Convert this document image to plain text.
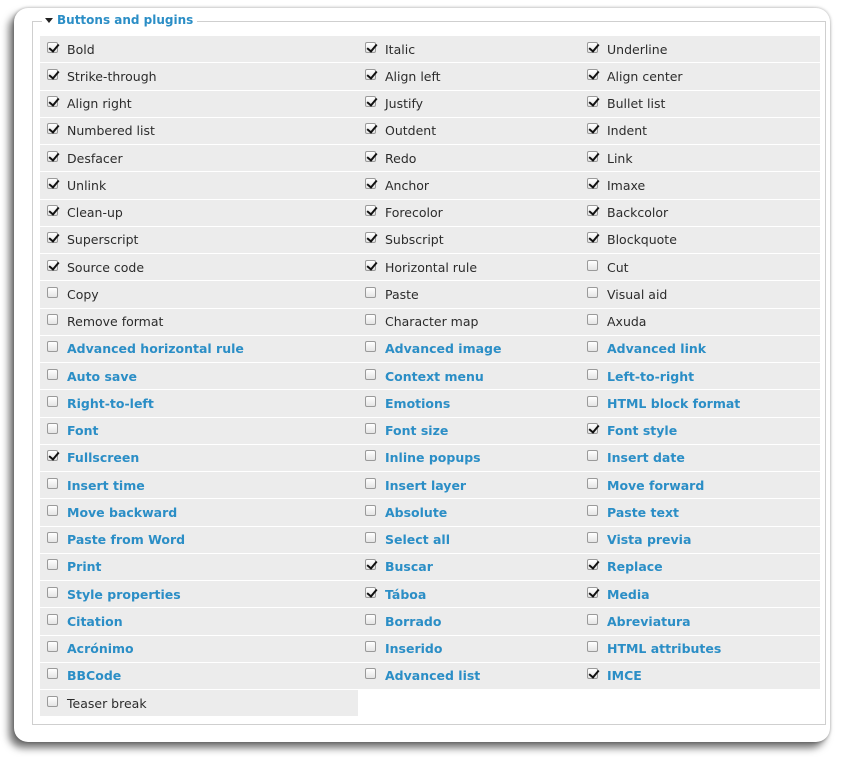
Buttons and plugins
Bold	Italic	Underline
Strike-through	Align left	Align center
Align right	Justify	Bullet list
Numbered list	Outdent	Indent
Desfacer	Redo	Link
Unlink	Anchor	Imaxe
Clean-up	Forecolor	Backcolor
Superscript	Subscript	Blockquote
Source code	Horizontal rule	Cut
Copy	Paste	Visual aid
Remove format	Character map	Axuda
Advanced horizontal rule	Advanced image	Advanced link
Auto save	Context menu	Left-to-right
Right-to-left	Emotions	HTML block format
Font	Font size	Font style
Fullscreen	Inline popups	Insert date
Insert time	Insert layer	Move forward
Move backward	Absolute	Paste text
Paste from Word	Select all	Vista previa
Print	Buscar	Replace
Style properties	Táboa	Media
Citation	Borrado	Abreviatura
Acrónimo	Inserido	HTML attributes
BBCode	Advanced list	IMCE
Teaser break
